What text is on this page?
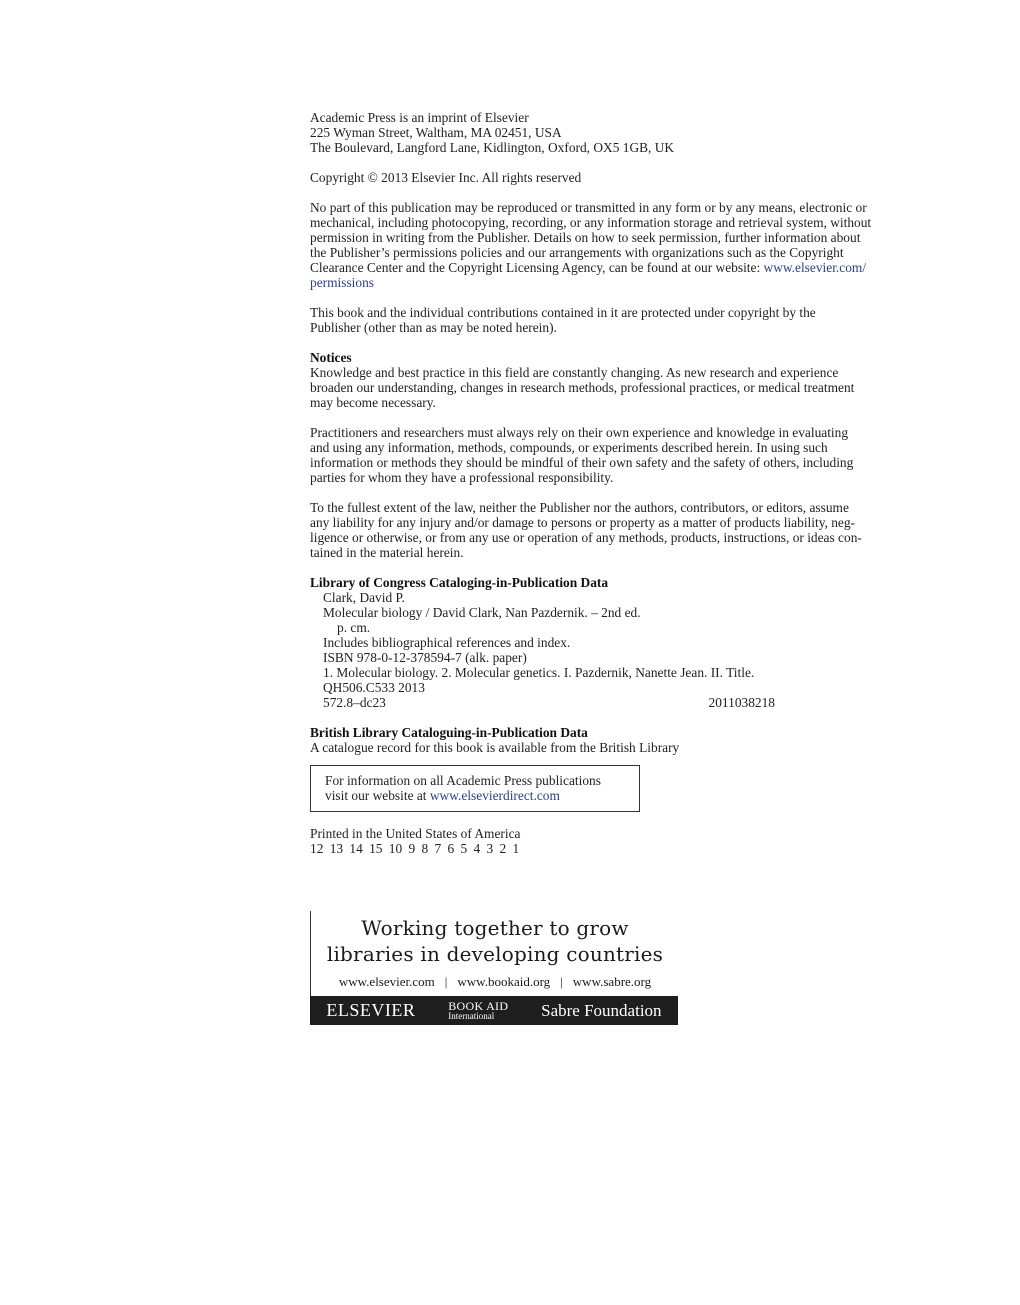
Academic Press is an imprint of Elsevier
225 Wyman Street, Waltham, MA 02451, USA
The Boulevard, Langford Lane, Kidlington, Oxford, OX5 1GB, UK
Copyright © 2013 Elsevier Inc. All rights reserved
No part of this publication may be reproduced or transmitted in any form or by any means, electronic or
mechanical, including photocopying, recording, or any information storage and retrieval system, without
permission in writing from the Publisher. Details on how to seek permission, further information about
the Publisher’s permissions policies and our arrangements with organizations such as the Copyright
Clearance Center and the Copyright Licensing Agency, can be found at our website: www.elsevier.com/
permissions
This book and the individual contributions contained in it are protected under copyright by the
Publisher (other than as may be noted herein).
Notices
Knowledge and best practice in this field are constantly changing. As new research and experience
broaden our understanding, changes in research methods, professional practices, or medical treatment
may become necessary.
Practitioners and researchers must always rely on their own experience and knowledge in evaluating
and using any information, methods, compounds, or experiments described herein. In using such
information or methods they should be mindful of their own safety and the safety of others, including
parties for whom they have a professional responsibility.
To the fullest extent of the law, neither the Publisher nor the authors, contributors, or editors, assume
any liability for any injury and/or damage to persons or property as a matter of products liability, neg-
ligence or otherwise, or from any use or operation of any methods, products, instructions, or ideas con-
tained in the material herein.
Library of Congress Cataloging-in-Publication Data
Clark, David P.
Molecular biology / David Clark, Nan Pazdernik. – 2nd ed.
p. cm.
Includes bibliographical references and index.
ISBN 978-0-12-378594-7 (alk. paper)
1. Molecular biology. 2. Molecular genetics. I. Pazdernik, Nanette Jean. II. Title.
QH506.C533 2013
572.8–dc23	2011038218
British Library Cataloguing-in-Publication Data
A catalogue record for this book is available from the British Library
For information on all Academic Press publications
visit our website at www.elsevierdirect.com
Printed in the United States of America
12 13 14 15 10 9 8 7 6 5 4 3 2 1
Working together to grow
libraries in developing countries
www.elsevier.com | www.bookaid.org | www.sabre.org
ELSEVIER	BOOK AID
International	Sabre Foundation
